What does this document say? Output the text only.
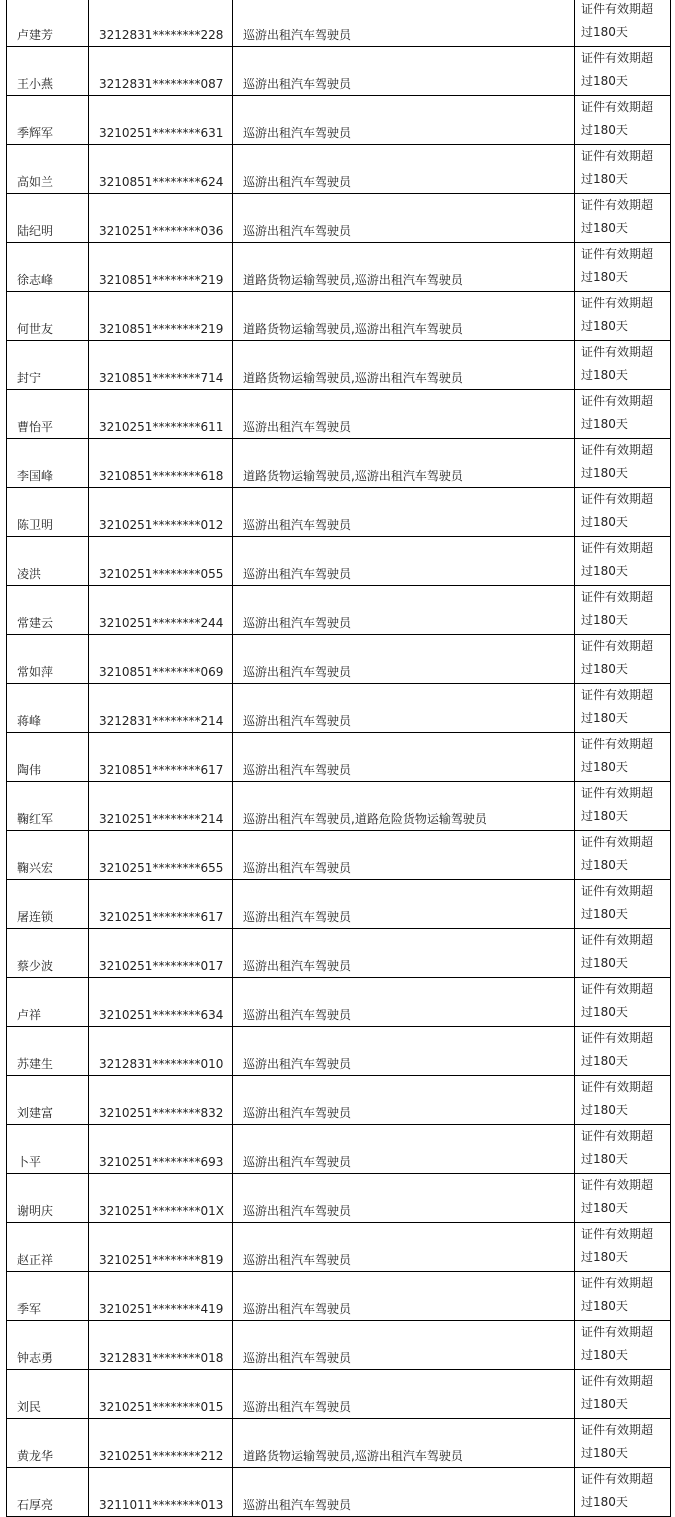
卢建芳	3212831********228	巡游出租汽车驾驶员	证件有效期超过180天

王小燕	3212831********087	巡游出租汽车驾驶员	证件有效期超过180天

季辉军	3210251********631	巡游出租汽车驾驶员	证件有效期超过180天

高如兰	3210851********624	巡游出租汽车驾驶员	证件有效期超过180天

陆纪明	3210251********036	巡游出租汽车驾驶员	证件有效期超过180天

徐志峰	3210851********219	道路货物运输驾驶员,巡游出租汽车驾驶员	证件有效期超过180天

何世友	3210851********219	道路货物运输驾驶员,巡游出租汽车驾驶员	证件有效期超过180天

封宁	3210851********714	道路货物运输驾驶员,巡游出租汽车驾驶员	证件有效期超过180天

曹怡平	3210251********611	巡游出租汽车驾驶员	证件有效期超过180天

李国峰	3210851********618	道路货物运输驾驶员,巡游出租汽车驾驶员	证件有效期超过180天

陈卫明	3210251********012	巡游出租汽车驾驶员	证件有效期超过180天

凌洪	3210251********055	巡游出租汽车驾驶员	证件有效期超过180天

常建云	3210251********244	巡游出租汽车驾驶员	证件有效期超过180天

常如萍	3210851********069	巡游出租汽车驾驶员	证件有效期超过180天

蒋峰	3212831********214	巡游出租汽车驾驶员	证件有效期超过180天

陶伟	3210851********617	巡游出租汽车驾驶员	证件有效期超过180天

鞠红军	3210251********214	巡游出租汽车驾驶员,道路危险货物运输驾驶员	证件有效期超过180天

鞠兴宏	3210251********655	巡游出租汽车驾驶员	证件有效期超过180天

屠连锁	3210251********617	巡游出租汽车驾驶员	证件有效期超过180天

蔡少波	3210251********017	巡游出租汽车驾驶员	证件有效期超过180天

卢祥	3210251********634	巡游出租汽车驾驶员	证件有效期超过180天

苏建生	3212831********010	巡游出租汽车驾驶员	证件有效期超过180天

刘建富	3210251********832	巡游出租汽车驾驶员	证件有效期超过180天

卜平	3210251********693	巡游出租汽车驾驶员	证件有效期超过180天

谢明庆	3210251********01X	巡游出租汽车驾驶员	证件有效期超过180天

赵正祥	3210251********819	巡游出租汽车驾驶员	证件有效期超过180天

季军	3210251********419	巡游出租汽车驾驶员	证件有效期超过180天

钟志勇	3212831********018	巡游出租汽车驾驶员	证件有效期超过180天

刘民	3210251********015	巡游出租汽车驾驶员	证件有效期超过180天

黄龙华	3210251********212	道路货物运输驾驶员,巡游出租汽车驾驶员	证件有效期超过180天

石厚亮	3211011********013	巡游出租汽车驾驶员	证件有效期超过180天
